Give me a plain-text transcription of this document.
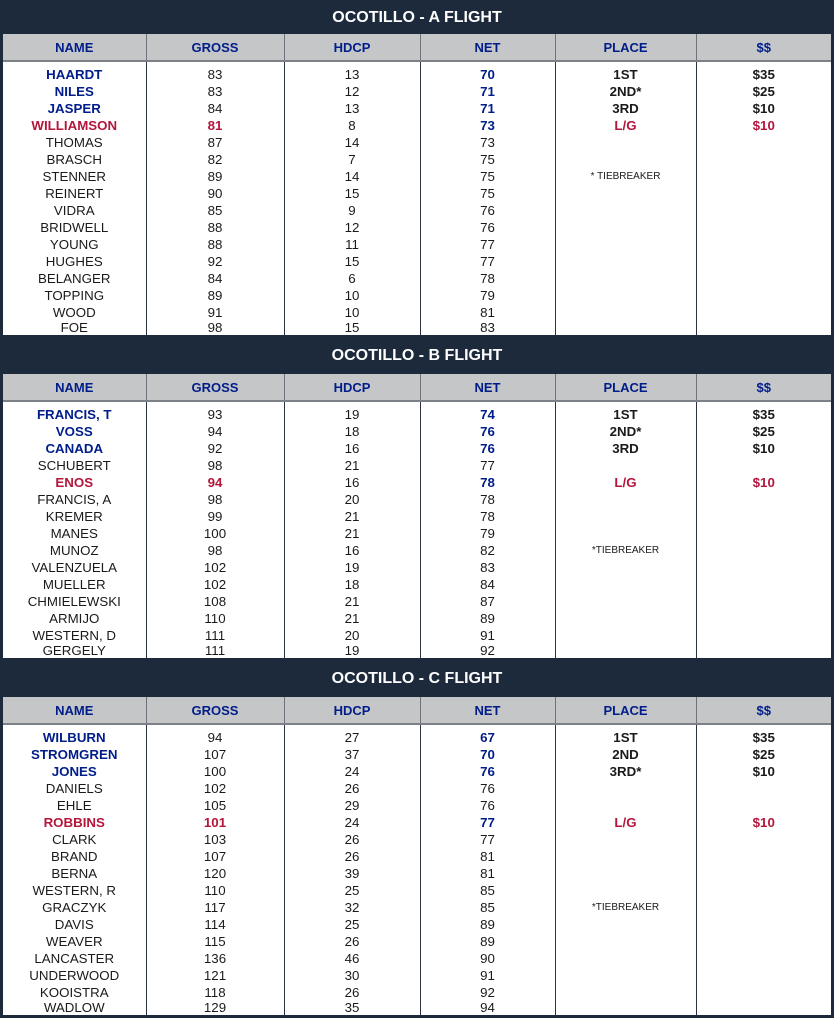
OCOTILLO - A FLIGHT
NAME	GROSS	HDCP	NET	PLACE	$$

HAARDT	83	13	70	1ST	$35
NILES	83	12	71	2ND*	$25
JASPER	84	13	71	3RD	$10
WILLIAMSON	81	8	73	L/G	$10
THOMAS	87	14	73		
BRASCH	82	7	75		
STENNER	89	14	75	* TIEBREAKER	
REINERT	90	15	75		
VIDRA	85	9	76		
BRIDWELL	88	12	76		
YOUNG	88	11	77		
HUGHES	92	15	77		
BELANGER	84	6	78		
TOPPING	89	10	79		
WOOD	91	10	81		
FOE	98	15	83		
OCOTILLO - B FLIGHT
NAME	GROSS	HDCP	NET	PLACE	$$

FRANCIS, T	93	19	74	1ST	$35
VOSS	94	18	76	2ND*	$25
CANADA	92	16	76	3RD	$10
SCHUBERT	98	21	77		
ENOS	94	16	78	L/G	$10
FRANCIS, A	98	20	78		
KREMER	99	21	78		
MANES	100	21	79		
MUNOZ	98	16	82	*TIEBREAKER	
VALENZUELA	102	19	83		
MUELLER	102	18	84		
CHMIELEWSKI	108	21	87		
ARMIJO	110	21	89		
WESTERN, D	111	20	91		
GERGELY	111	19	92		
OCOTILLO - C FLIGHT
NAME	GROSS	HDCP	NET	PLACE	$$

WILBURN	94	27	67	1ST	$35
STROMGREN	107	37	70	2ND	$25
JONES	100	24	76	3RD*	$10
DANIELS	102	26	76		
EHLE	105	29	76		
ROBBINS	101	24	77	L/G	$10
CLARK	103	26	77		
BRAND	107	26	81		
BERNA	120	39	81		
WESTERN, R	110	25	85		
GRACZYK	117	32	85	*TIEBREAKER	
DAVIS	114	25	89		
WEAVER	115	26	89		
LANCASTER	136	46	90		
UNDERWOOD	121	30	91		
KOOISTRA	118	26	92		
WADLOW	129	35	94		
